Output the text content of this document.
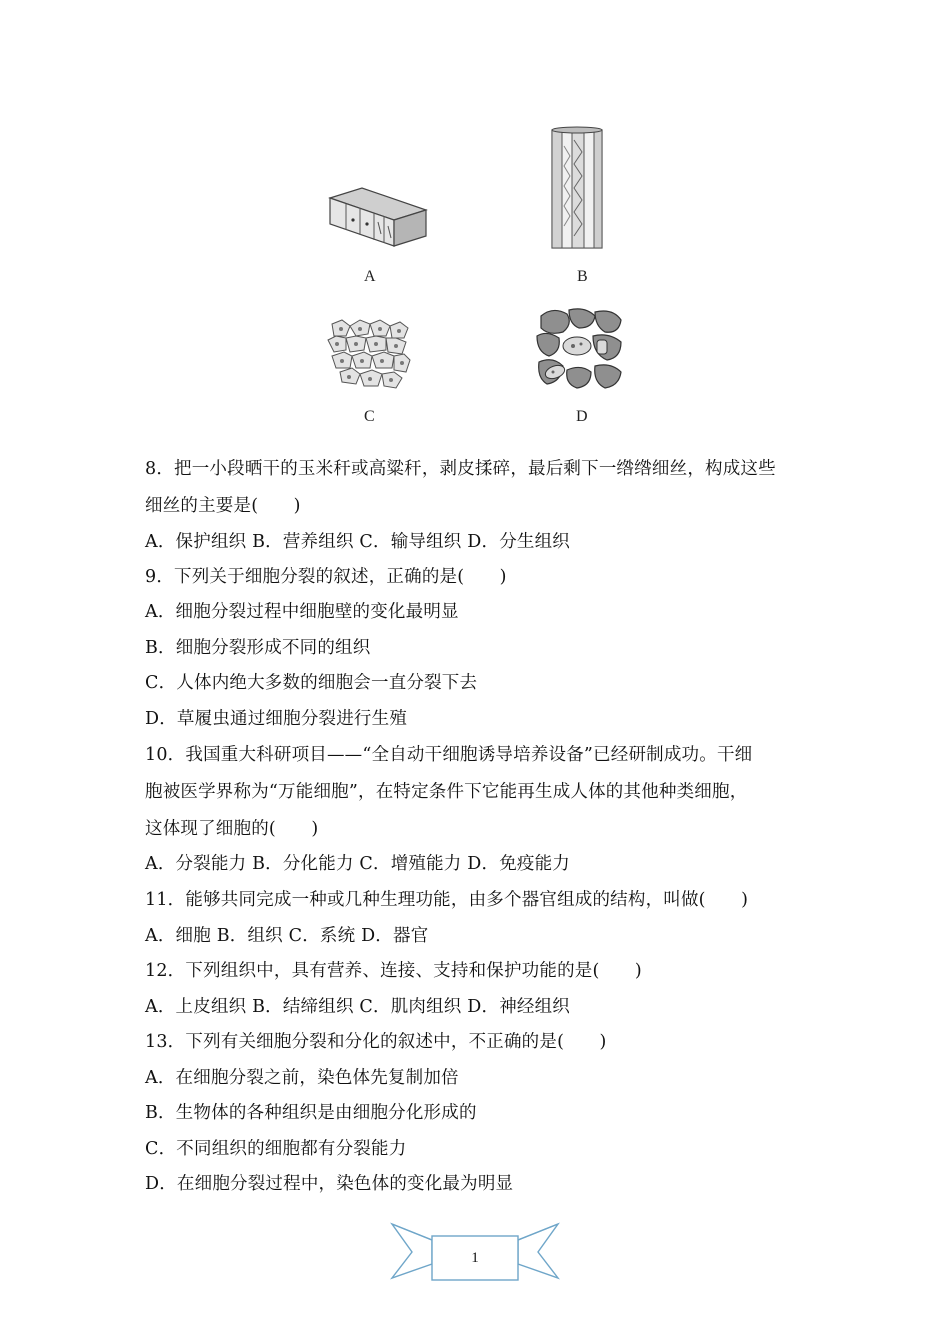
A	B
C	D
8．把一小段晒干的玉米秆或高粱秆，剥皮揉碎，最后剩下一绺绺细丝，构成这些
细丝的主要是(　　)
A．保护组织 B．营养组织 C．输导组织 D．分生组织
9．下列关于细胞分裂的叙述，正确的是(　　)
A．细胞分裂过程中细胞壁的变化最明显
B．细胞分裂形成不同的组织
C．人体内绝大多数的细胞会一直分裂下去
D．草履虫通过细胞分裂进行生殖
10．我国重大科研项目——“全自动干细胞诱导培养设备”已经研制成功。干细
胞被医学界称为“万能细胞”，在特定条件下它能再生成人体的其他种类细胞，
这体现了细胞的(　　)
A．分裂能力 B．分化能力 C．增殖能力 D．免疫能力
11．能够共同完成一种或几种生理功能，由多个器官组成的结构，叫做(　　)
A．细胞 B．组织 C．系统 D．器官
12．下列组织中，具有营养、连接、支持和保护功能的是(　　)
A．上皮组织 B．结缔组织 C．肌肉组织 D．神经组织
13．下列有关细胞分裂和分化的叙述中，不正确的是(　　)
A．在细胞分裂之前，染色体先复制加倍
B．生物体的各种组织是由细胞分化形成的
C．不同组织的细胞都有分裂能力
D．在细胞分裂过程中，染色体的变化最为明显
1
